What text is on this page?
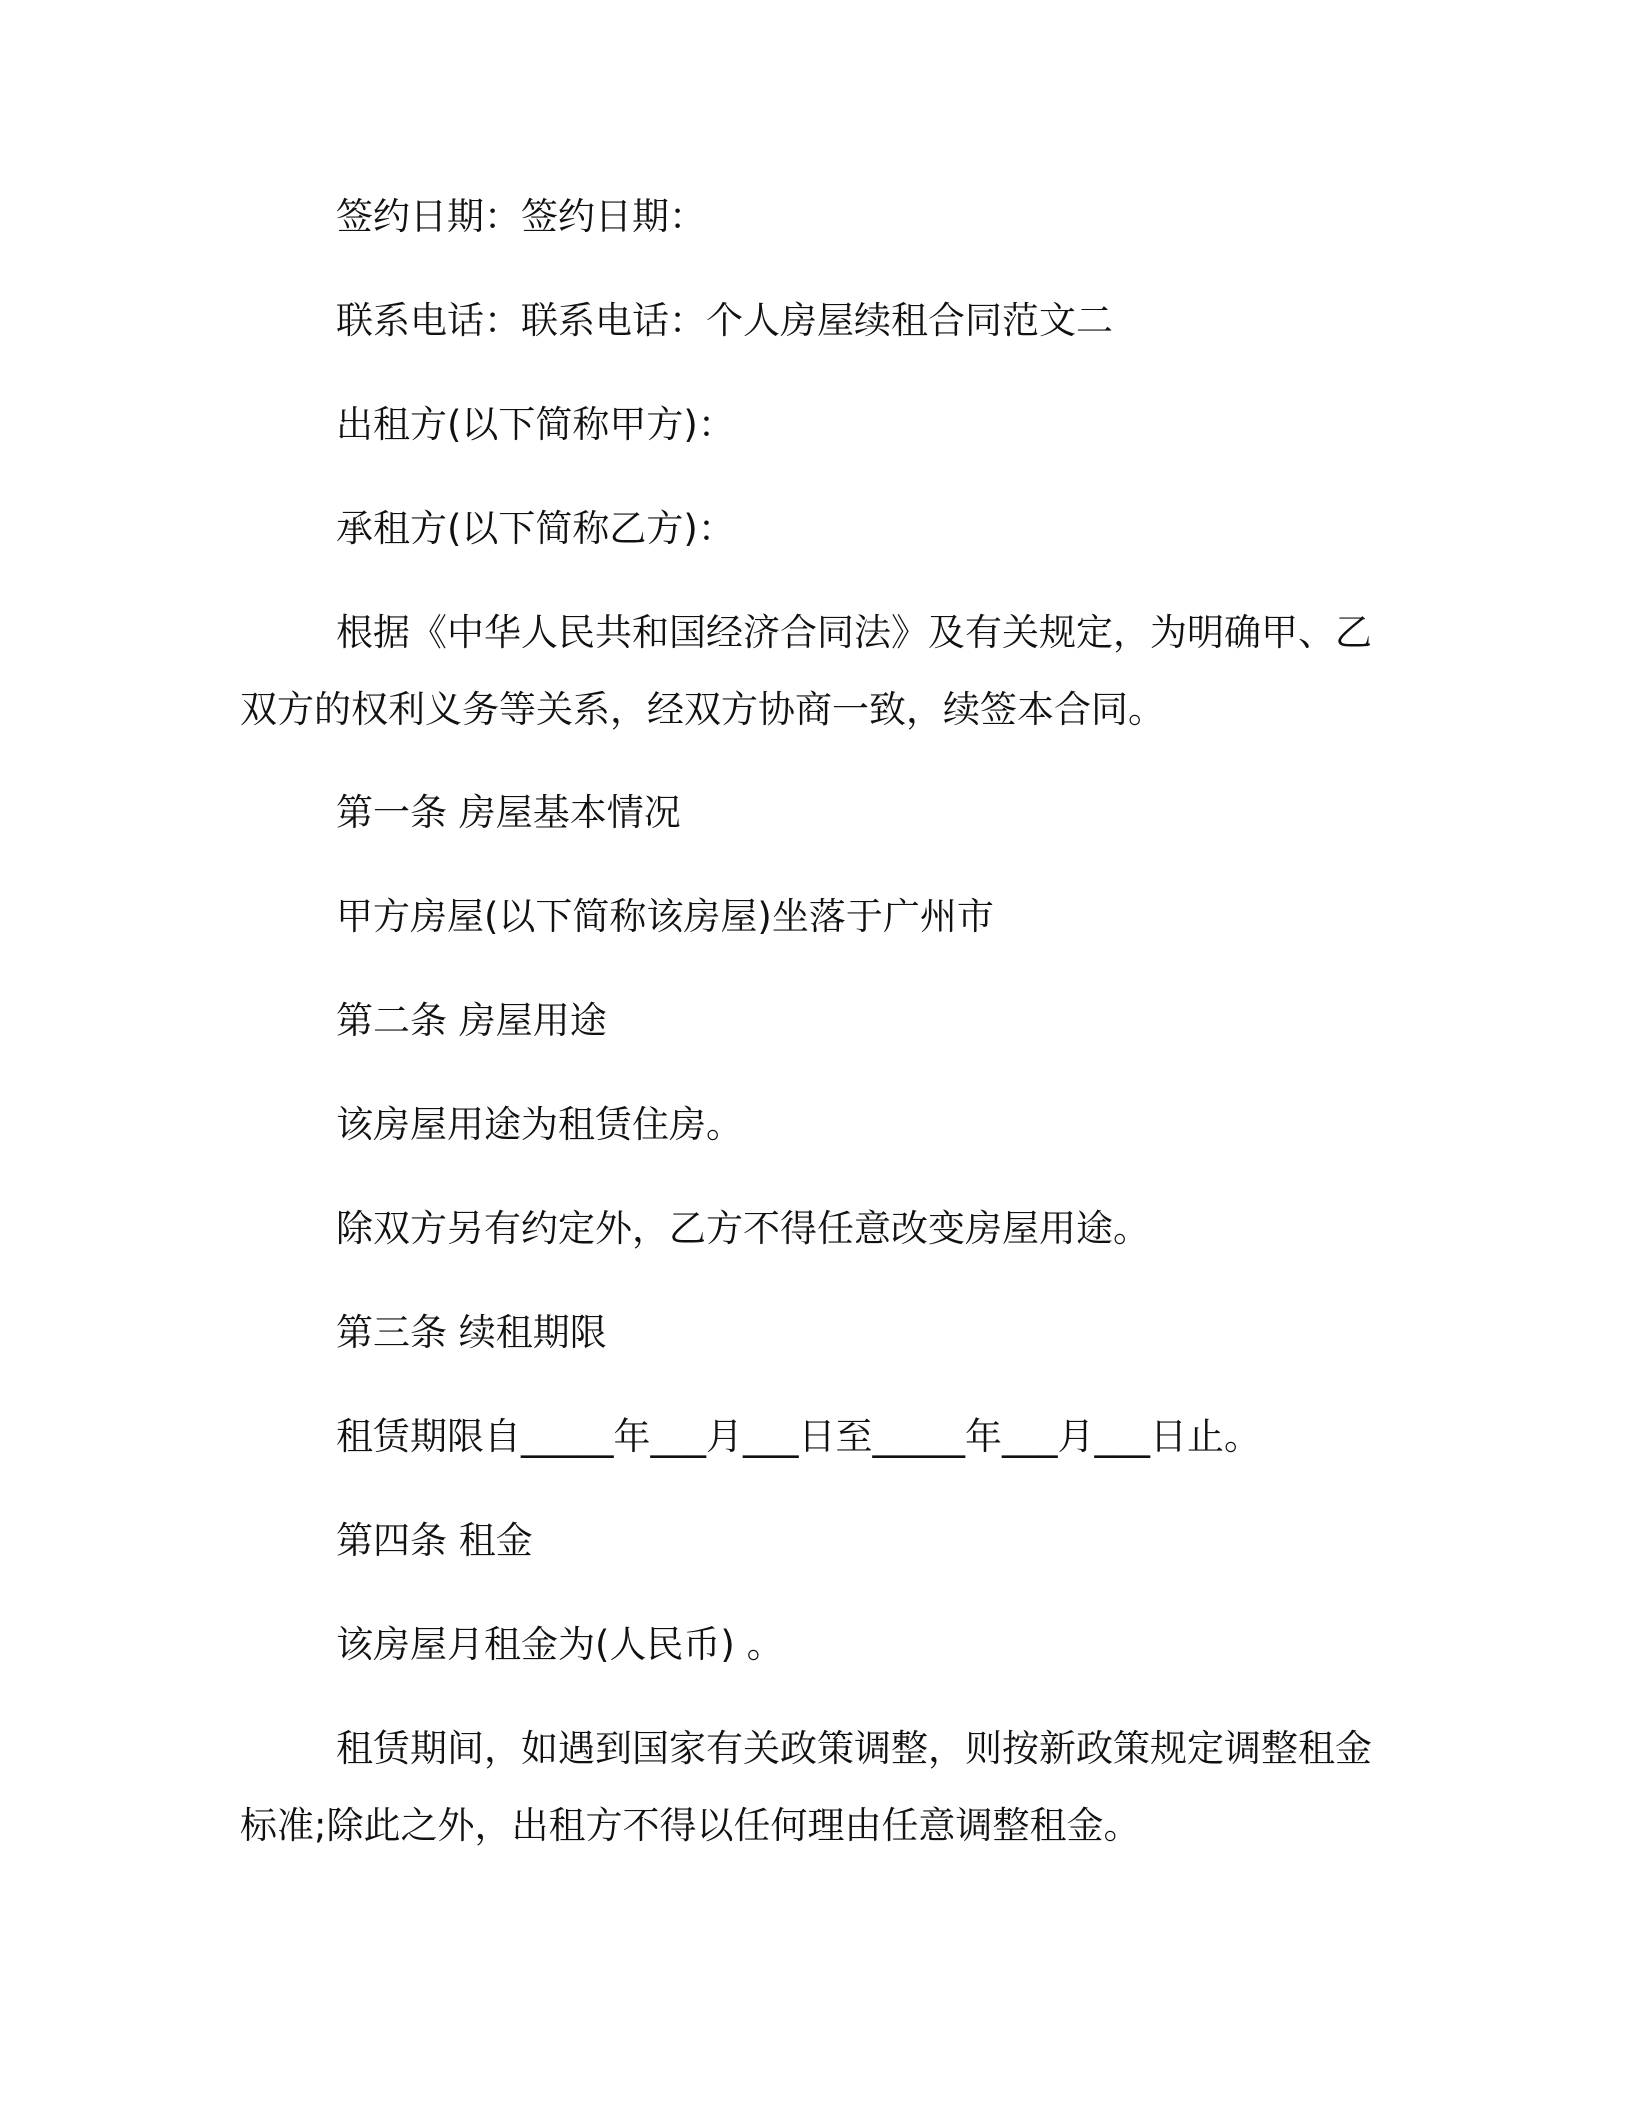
签约日期：签约日期：

联系电话：联系电话：个人房屋续租合同范文二

出租方(以下简称甲方)：

承租方(以下简称乙方)：

根据《中华人民共和国经济合同法》及有关规定，为明确甲、乙双方的权利义务等关系，经双方协商一致，续签本合同。

第一条 房屋基本情况

甲方房屋(以下简称该房屋)坐落于广州市

第二条 房屋用途

该房屋用途为租赁住房。

除双方另有约定外，乙方不得任意改变房屋用途。

第三条 续租期限

租赁期限自_____年___月___日至_____年___月___日止。

第四条 租金

该房屋月租金为(人民币) 。

租赁期间，如遇到国家有关政策调整，则按新政策规定调整租金标准;除此之外，出租方不得以任何理由任意调整租金。
